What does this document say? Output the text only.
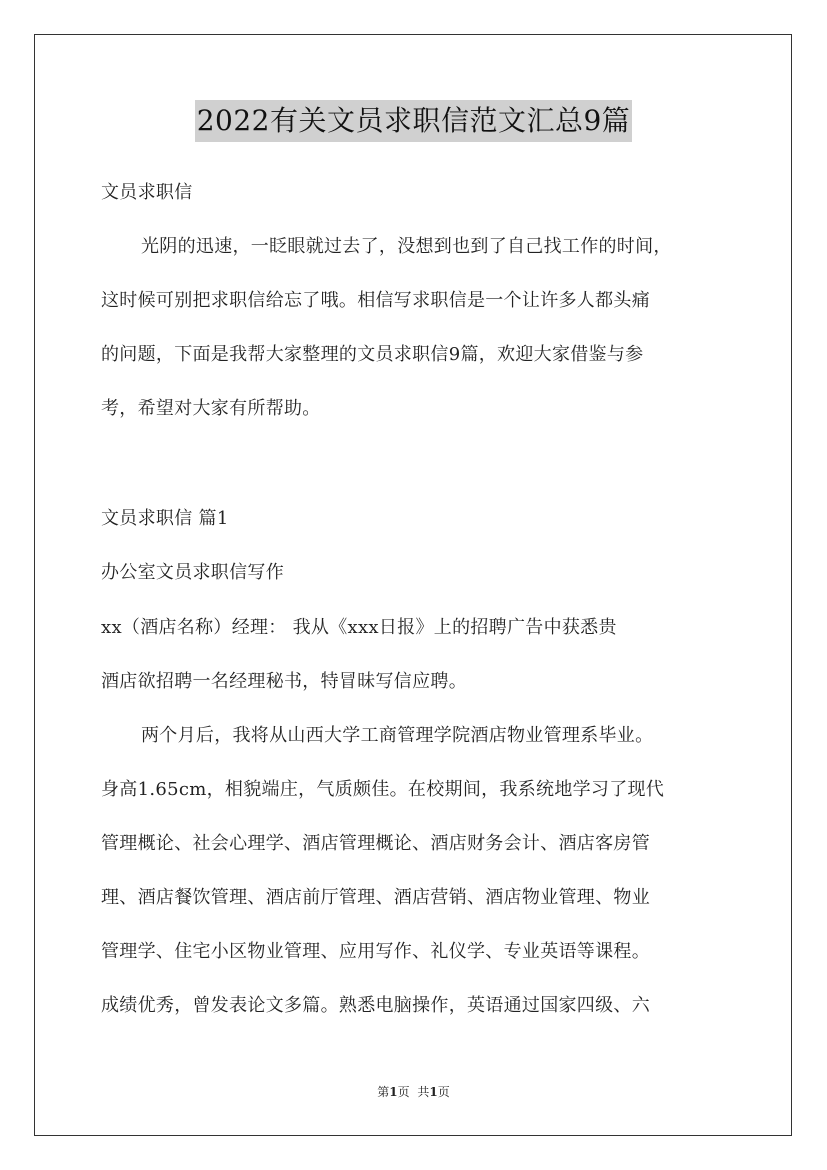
2022有关文员求职信范文汇总9篇
文员求职信
光阴的迅速，一眨眼就过去了，没想到也到了自己找工作的时间，
这时候可别把求职信给忘了哦。相信写求职信是一个让许多人都头痛
的问题，下面是我帮大家整理的文员求职信9篇，欢迎大家借鉴与参
考，希望对大家有所帮助。
文员求职信 篇1
办公室文员求职信写作
xx（酒店名称）经理： 我从《xxx日报》上的招聘广告中获悉贵
酒店欲招聘一名经理秘书，特冒昧写信应聘。
两个月后，我将从山西大学工商管理学院酒店物业管理系毕业。
身高1.65cm，相貌端庄，气质颇佳。在校期间，我系统地学习了现代
管理概论、社会心理学、酒店管理概论、酒店财务会计、酒店客房管
理、酒店餐饮管理、酒店前厅管理、酒店营销、酒店物业管理、物业
管理学、住宅小区物业管理、应用写作、礼仪学、专业英语等课程。
成绩优秀，曾发表论文多篇。熟悉电脑操作，英语通过国家四级、六
第1页 共1页
